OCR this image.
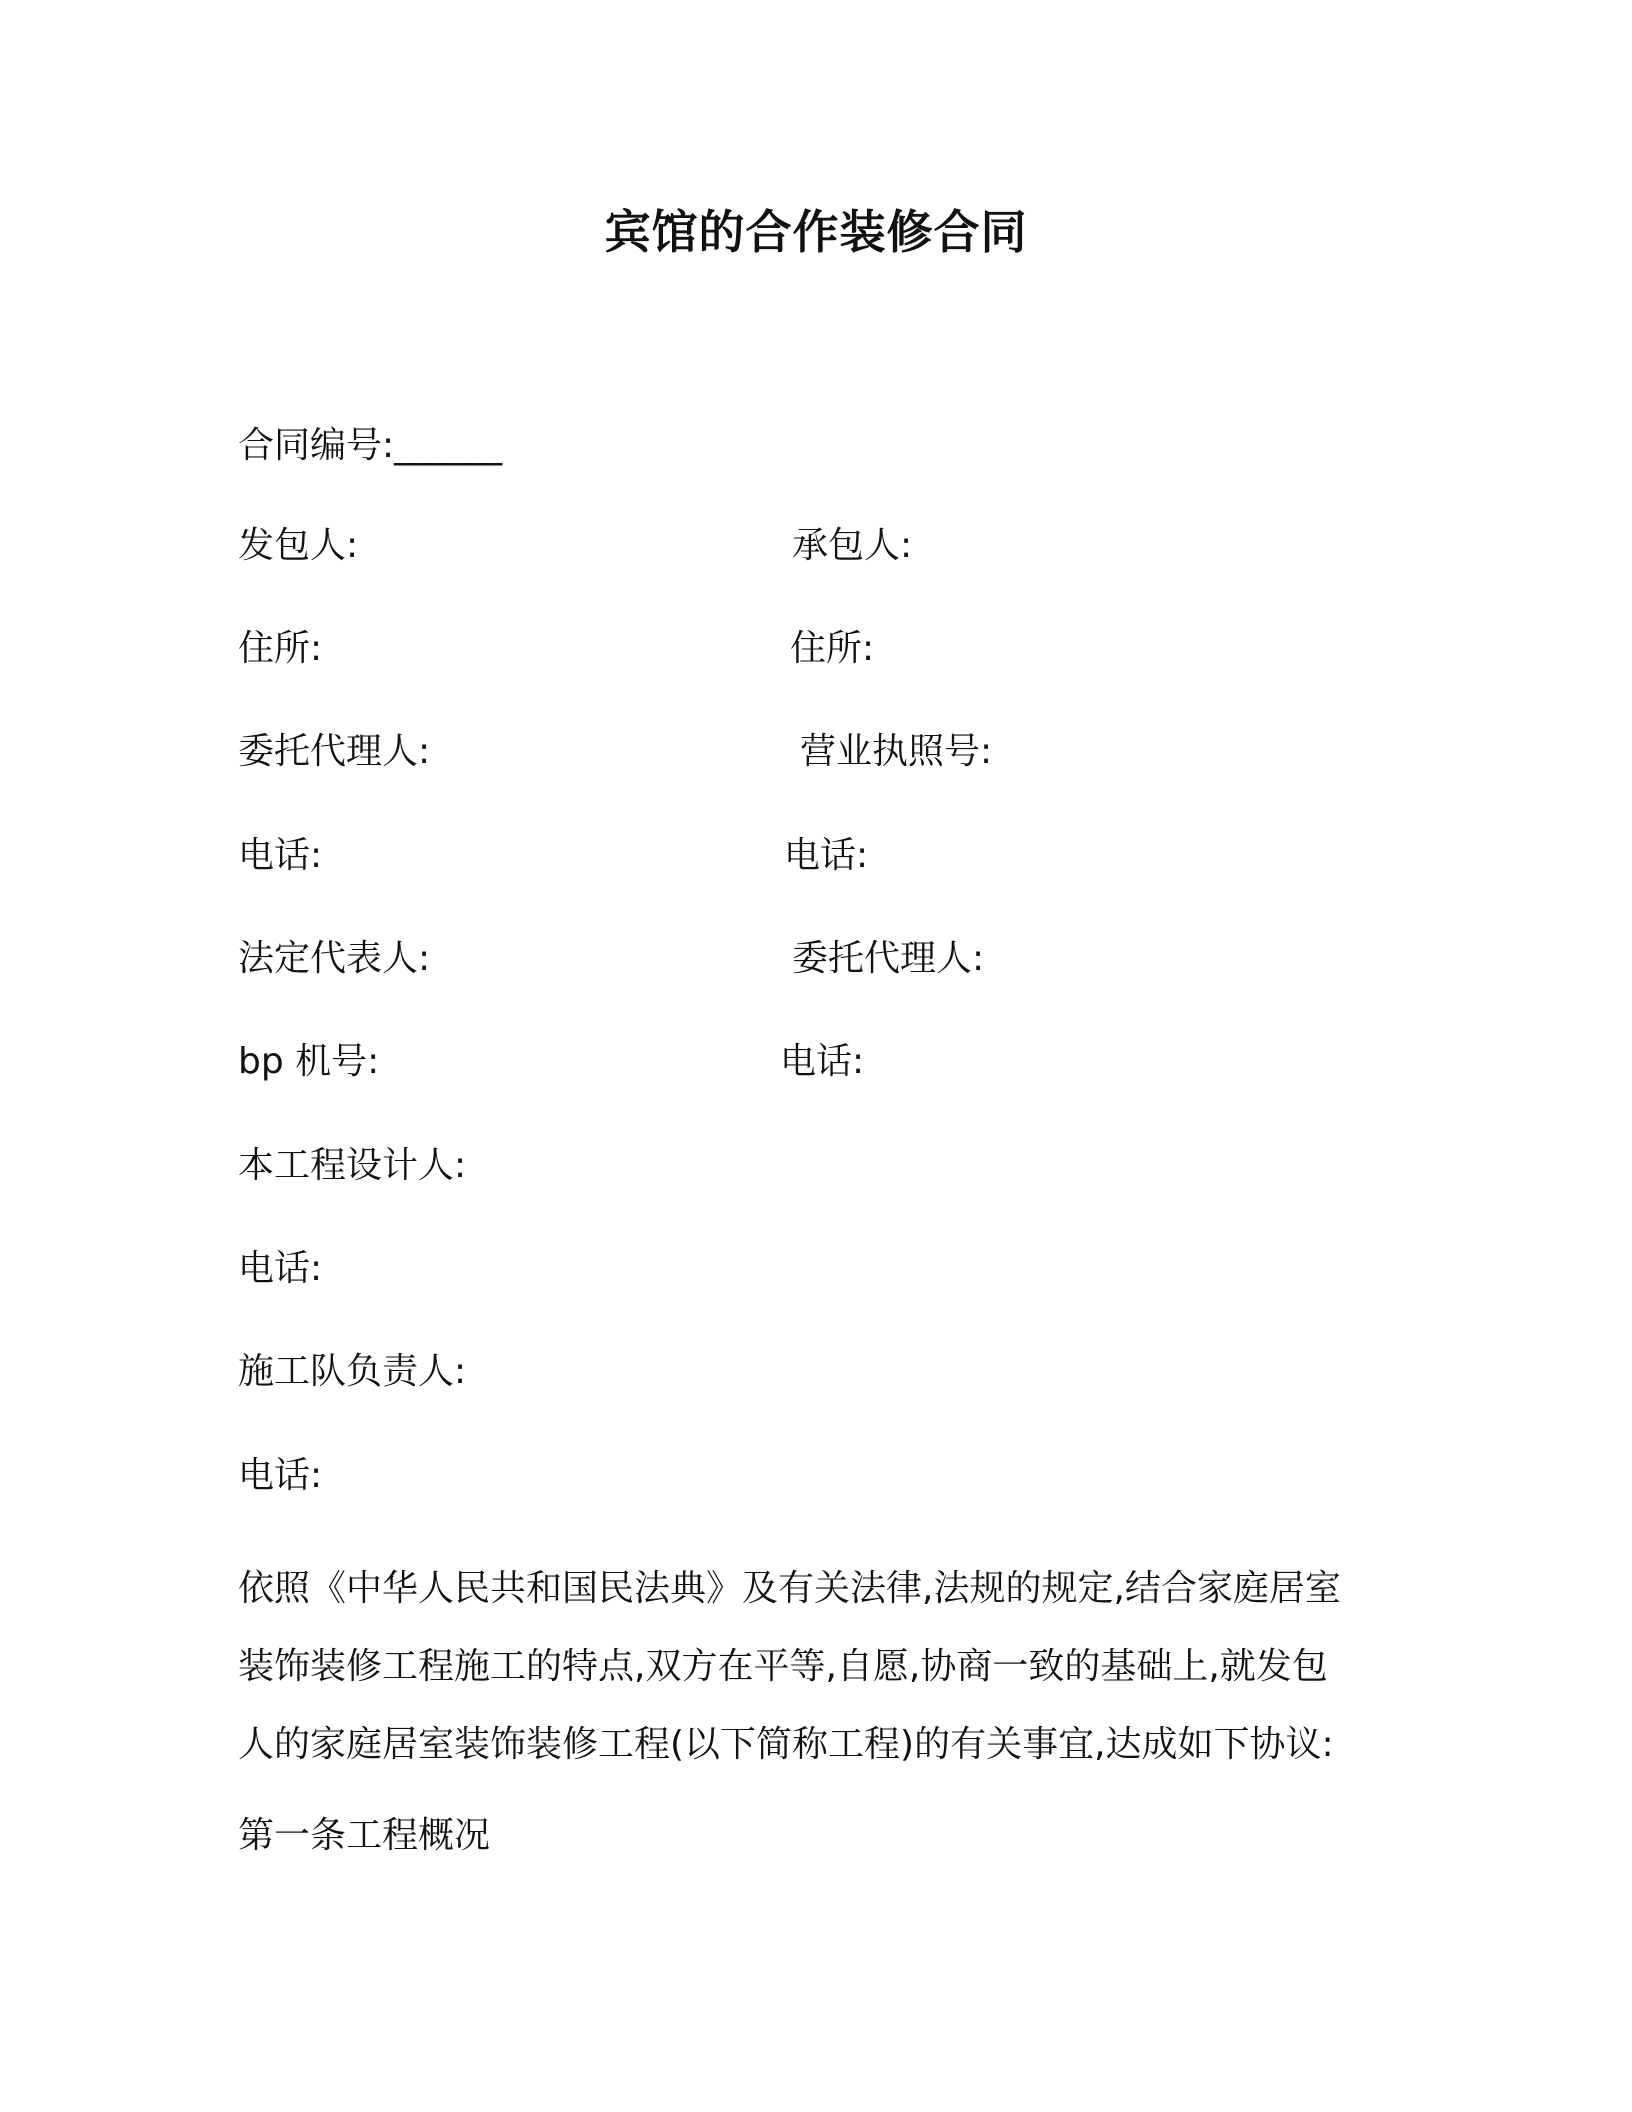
宾馆的合作装修合同
合同编号:______
发包人:	承包人:
住所:	住所:
委托代理人:	营业执照号:
电话:	电话:
法定代表人:	委托代理人:
bp 机号:	电话:
本工程设计人:
电话:
施工队负责人:
电话:

依照《中华人民共和国民法典》及有关法律,法规的规定,结合家庭居室
装饰装修工程施工的特点,双方在平等,自愿,协商一致的基础上,就发包
人的家庭居室装饰装修工程(以下简称工程)的有关事宜,达成如下协议:

第一条工程概况
